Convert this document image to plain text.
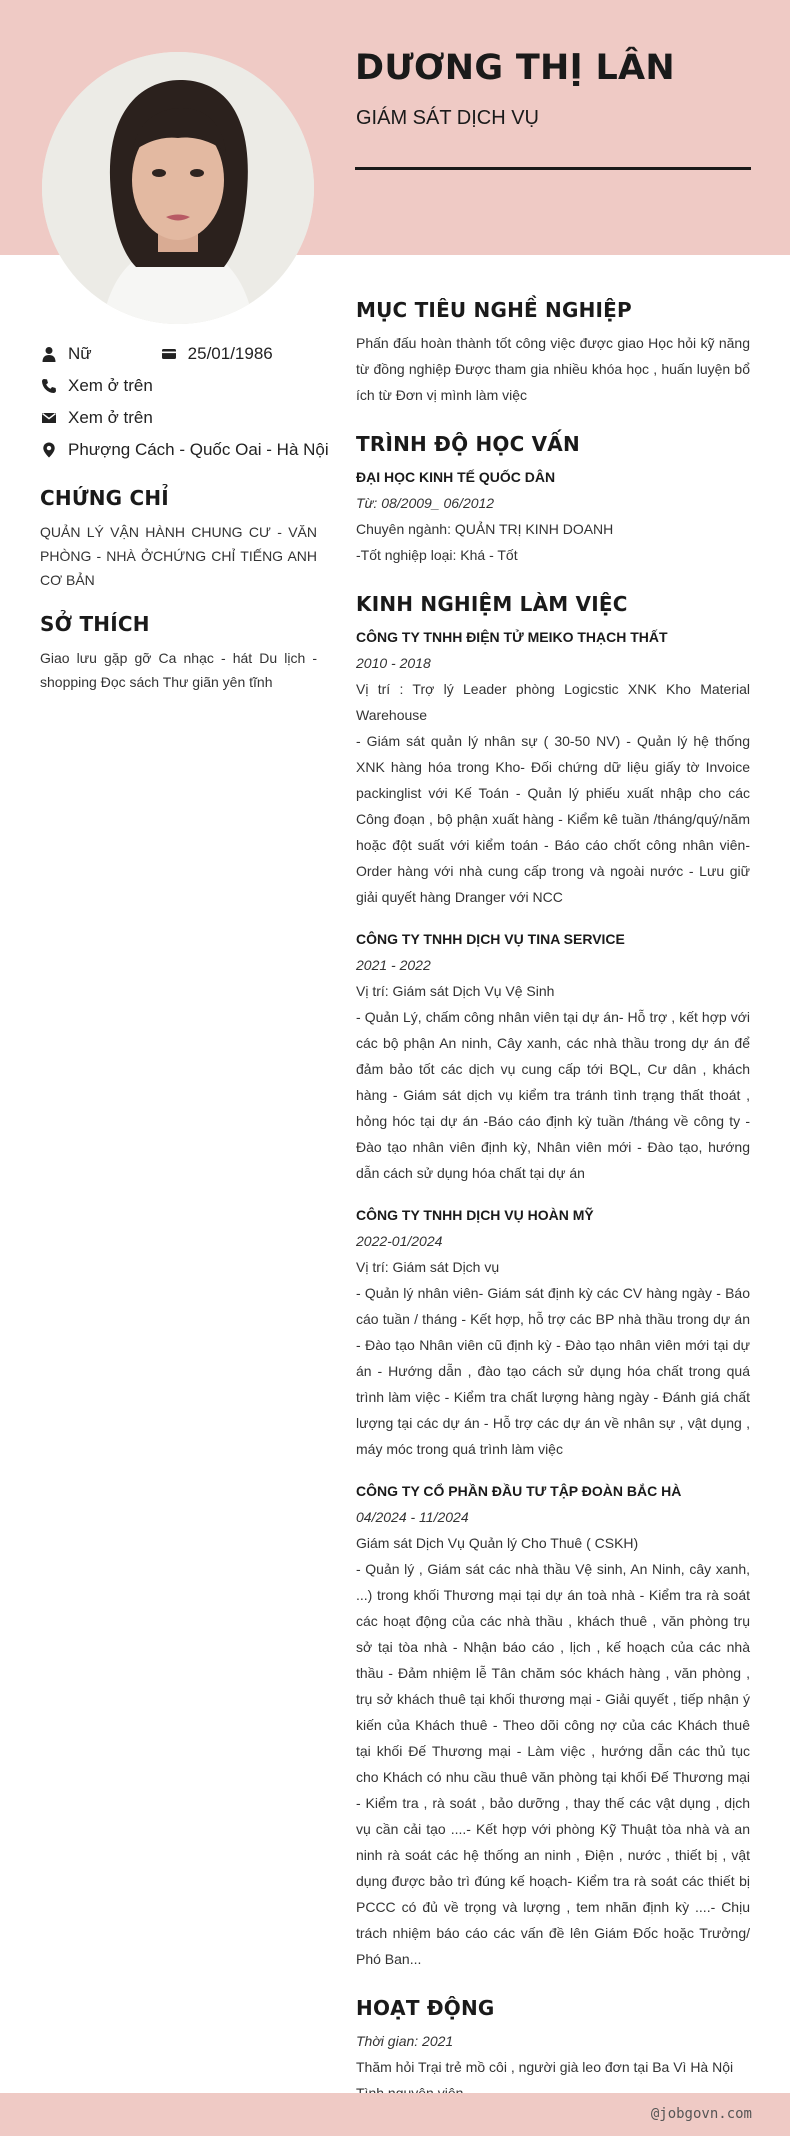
DƯƠNG THỊ LÂN
GIÁM SÁT DỊCH VỤ
Nữ	25/01/1986
Xem ở trên
Xem ở trên
Phượng Cách - Quốc Oai - Hà Nội
CHỨNG CHỈ

QUẢN LÝ VẬN HÀNH CHUNG CƯ - VĂN PHÒNG - NHÀ ỞCHỨNG CHỈ TIẾNG ANH CƠ BẢN

SỞ THÍCH

Giao lưu gặp gỡ Ca nhạc - hát Du lịch - shopping Đọc sách Thư giãn yên tĩnh

MỤC TIÊU NGHỀ NGHIỆP
Phấn đấu hoàn thành tốt công việc được giao Học hỏi kỹ năng từ đồng nghiệp Được tham gia nhiều khóa học , huấn luyện bổ ích từ Đơn vị mình làm việc
TRÌNH ĐỘ HỌC VẤN
ĐẠI HỌC KINH TẾ QUỐC DÂN
Từ: 08/2009_ 06/2012
Chuyên ngành: QUẢN TRỊ KINH DOANH
-Tốt nghiệp loại: Khá - Tốt
KINH NGHIỆM LÀM VIỆC
CÔNG TY TNHH ĐIỆN TỬ MEIKO THẠCH THẤT
2010 - 2018
Vị trí : Trợ lý Leader phòng Logicstic XNK Kho Material Warehouse
- Giám sát quản lý nhân sự ( 30-50 NV) - Quản lý hệ thống XNK hàng hóa trong Kho- Đối chứng dữ liệu giấy tờ Invoice packinglist với Kế Toán - Quản lý phiếu xuất nhập cho các Công đoạn , bộ phận xuất hàng - Kiểm kê tuần /tháng/quý/năm hoặc đột suất với kiểm toán - Báo cáo chốt công nhân viên- Order hàng với nhà cung cấp trong và ngoài nước - Lưu giữ giải quyết hàng Dranger với NCC
CÔNG TY TNHH DỊCH VỤ TINA SERVICE
2021 - 2022
Vị trí: Giám sát Dịch Vụ Vệ Sinh
- Quản Lý, chấm công nhân viên tại dự án- Hỗ trợ , kết hợp với các bộ phận An ninh, Cây xanh, các nhà thầu trong dự án để đảm bảo tốt các dịch vụ cung cấp tới BQL, Cư dân , khách hàng - Giám sát dịch vụ kiểm tra tránh tình trạng thất thoát , hỏng hóc tại dự án -Báo cáo định kỳ tuần /tháng về công ty - Đào tạo nhân viên định kỳ, Nhân viên mới - Đào tạo, hướng dẫn cách sử dụng hóa chất tại dự án
CÔNG TY TNHH DỊCH VỤ HOÀN MỸ
2022-01/2024
Vị trí: Giám sát Dịch vụ
- Quản lý nhân viên- Giám sát định kỳ các CV hàng ngày - Báo cáo tuần / tháng - Kết hợp, hỗ trợ các BP nhà thầu trong dự án - Đào tạo Nhân viên cũ định kỳ - Đào tạo nhân viên mới tại dự án - Hướng dẫn , đào tạo cách sử dụng hóa chất trong quá trình làm việc - Kiểm tra chất lượng hàng ngày - Đánh giá chất lượng tại các dự án - Hỗ trợ các dự án về nhân sự , vật dụng , máy móc trong quá trình làm việc
CÔNG TY CỔ PHẦN ĐẦU TƯ TẬP ĐOÀN BẮC HÀ
04/2024 - 11/2024
Giám sát Dịch Vụ Quản lý Cho Thuê ( CSKH)
- Quản lý , Giám sát các nhà thầu Vệ sinh, An Ninh, cây xanh, ...) trong khối Thương mại tại dự án toà nhà - Kiểm tra rà soát các hoạt động của các nhà thầu , khách thuê , văn phòng trụ sở tại tòa nhà - Nhận báo cáo , lịch , kế hoạch của các nhà thầu - Đảm nhiệm lễ Tân chăm sóc khách hàng , văn phòng , trụ sở khách thuê tại khối thương mại - Giải quyết , tiếp nhận ý kiến của Khách thuê - Theo dõi công nợ của các Khách thuê tại khối Đế Thương mại - Làm việc , hướng dẫn các thủ tục cho Khách có nhu cầu thuê văn phòng tại khối Đế Thương mại - Kiểm tra , rà soát , bảo dưỡng , thay thế các vật dụng , dịch vụ cần cải tạo ....- Kết hợp với phòng Kỹ Thuật tòa nhà và an ninh rà soát các hệ thống an ninh , Điện , nước , thiết bị , vật dụng được bảo trì đúng kế hoạch- Kiểm tra rà soát các thiết bị PCCC có đủ về trọng và lượng , tem nhãn định kỳ ....- Chịu trách nhiệm báo cáo các vấn đề lên Giám Đốc hoặc Trưởng/ Phó Ban...
HOẠT ĐỘNG
Thời gian: 2021
Thăm hỏi Trại trẻ mồ côi , người già leo đơn tại Ba Vì Hà Nội
@jobgovn.com
